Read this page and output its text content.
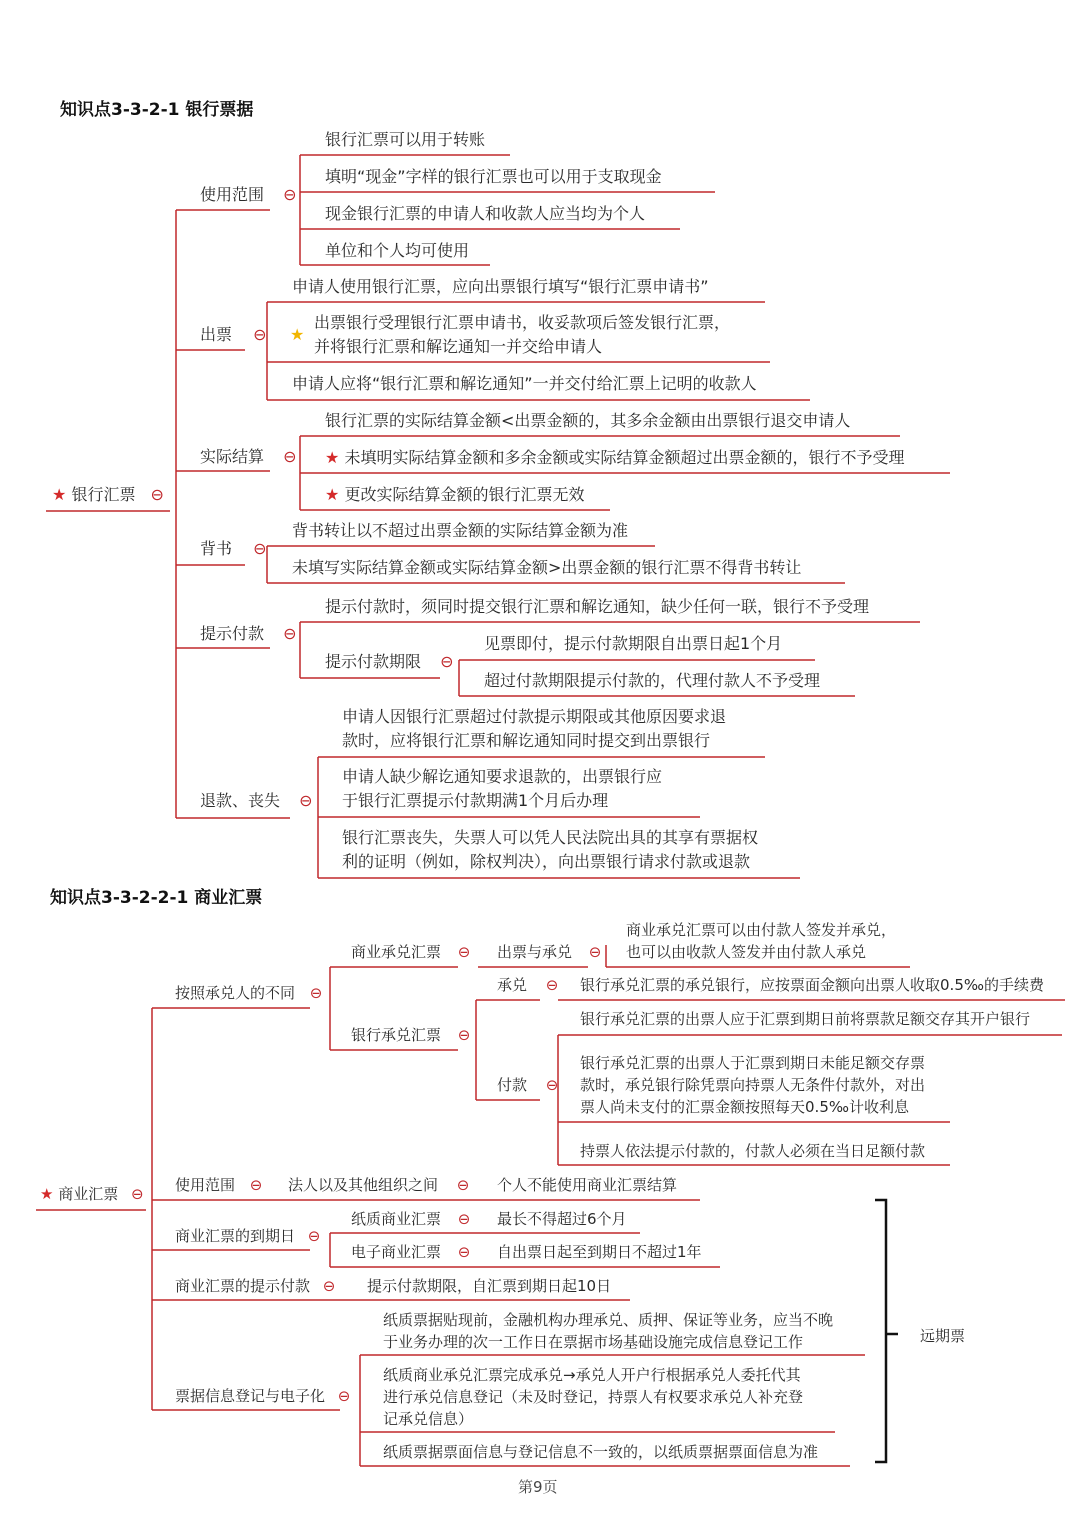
知识点3-3-2-1 银行票据
★ 银行汇票 ⊖
使用范围 ⊖
银行汇票可以用于转账
填明“现金”字样的银行汇票也可以用于支取现金
现金银行汇票的申请人和收款人应当均为个人
单位和个人均可使用
出票 ⊖
申请人使用银行汇票，应向出票银行填写“银行汇票申请书”
★
出票银行受理银行汇票申请书，收妥款项后签发银行汇票，
并将银行汇票和解讫通知一并交给申请人
申请人应将“银行汇票和解讫通知”一并交付给汇票上记明的收款人
实际结算 ⊖
银行汇票的实际结算金额<出票金额的，其多余金额由出票银行退交申请人
★ 未填明实际结算金额和多余金额或实际结算金额超过出票金额的，银行不予受理
★ 更改实际结算金额的银行汇票无效
背书 ⊖
背书转让以不超过出票金额的实际结算金额为准
未填写实际结算金额或实际结算金额>出票金额的银行汇票不得背书转让
提示付款 ⊖
提示付款时，须同时提交银行汇票和解讫通知，缺少任何一联，银行不予受理
提示付款期限 ⊖
见票即付，提示付款期限自出票日起1个月
超过付款期限提示付款的，代理付款人不予受理
退款、丧失 ⊖
申请人因银行汇票超过付款提示期限或其他原因要求退
款时，应将银行汇票和解讫通知同时提交到出票银行
申请人缺少解讫通知要求退款的，出票银行应
于银行汇票提示付款期满1个月后办理
银行汇票丧失，失票人可以凭人民法院出具的其享有票据权
利的证明（例如，除权判决），向出票银行请求付款或退款
知识点3-3-2-2-1 商业汇票
★ 商业汇票 ⊖
按照承兑人的不同 ⊖
商业承兑汇票 ⊖ 出票与承兑 ⊖
商业承兑汇票可以由付款人签发并承兑，
也可以由收款人签发并由付款人承兑
银行承兑汇票 ⊖
承兑 ⊖ 银行承兑汇票的承兑银行，应按票面金额向出票人收取0.5‰的手续费
付款 ⊖
银行承兑汇票的出票人应于汇票到期日前将票款足额交存其开户银行
银行承兑汇票的出票人于汇票到期日未能足额交存票
款时，承兑银行除凭票向持票人无条件付款外，对出
票人尚未支付的汇票金额按照每天0.5‰计收利息
持票人依法提示付款的，付款人必须在当日足额付款
使用范围 ⊖ 法人以及其他组织之间 ⊖ 个人不能使用商业汇票结算
商业汇票的到期日 ⊖
纸质商业汇票 ⊖ 最长不得超过6个月
电子商业汇票 ⊖ 自出票日起至到期日不超过1年
商业汇票的提示付款 ⊖ 提示付款期限，自汇票到期日起10日
票据信息登记与电子化 ⊖
纸质票据贴现前，金融机构办理承兑、质押、保证等业务，应当不晚
于业务办理的次一工作日在票据市场基础设施完成信息登记工作
纸质商业承兑汇票完成承兑→承兑人开户行根据承兑人委托代其
进行承兑信息登记（未及时登记，持票人有权要求承兑人补充登
记承兑信息）
纸质票据票面信息与登记信息不一致的，以纸质票据票面信息为准
远期票
第9页
